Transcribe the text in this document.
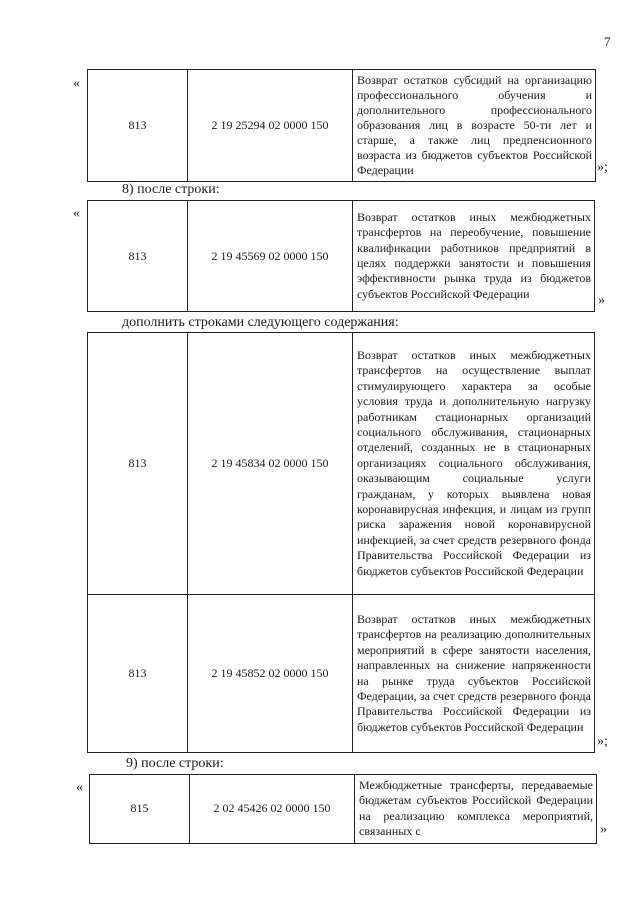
7
«
813	2 19 25294 02 0000 150	Возврат остатков субсидий на организацию профессионального обучения и дополнительного профессионального образования лиц в возрасте 50-ти лет и старше, а также лиц предпенсионного возраста из бюджетов субъектов Российской Федерации	»;
8) после строки:
«
813	2 19 45569 02 0000 150	Возврат остатков иных межбюджетных трансфертов на переобучение, повышение квалификации работников предприятий в целях поддержки занятости и повышения эффективности рынка труда из бюджетов субъектов Российской Федерации	»
дополнить строками следующего содержания:
813	2 19 45834 02 0000 150	Возврат остатков иных межбюджетных трансфертов на осуществление выплат стимулирующего характера за особые условия труда и дополнительную нагрузку работникам стационарных организаций социального обслуживания, стационарных отделений, созданных не в стационарных организациях социального обслуживания, оказывающим социальные услуги гражданам, у которых выявлена новая коронавирусная инфекция, и лицам из групп риска заражения новой коронавирусной инфекцией, за счет средств резервного фонда Правительства Российской Федерации из бюджетов субъектов Российской Федерации
813	2 19 45852 02 0000 150	Возврат остатков иных межбюджетных трансфертов на реализацию дополнительных мероприятий в сфере занятости населения, направленных на снижение напряженности на рынке труда субъектов Российской Федерации, за счет средств резервного фонда Правительства Российской Федерации из бюджетов субъектов Российской Федерации
»;
9) после строки:
«
815	2 02 45426 02 0000 150	Межбюджетные трансферты, передаваемые бюджетам субъектов Российской Федерации на реализацию комплекса мероприятий, связанных с	»
